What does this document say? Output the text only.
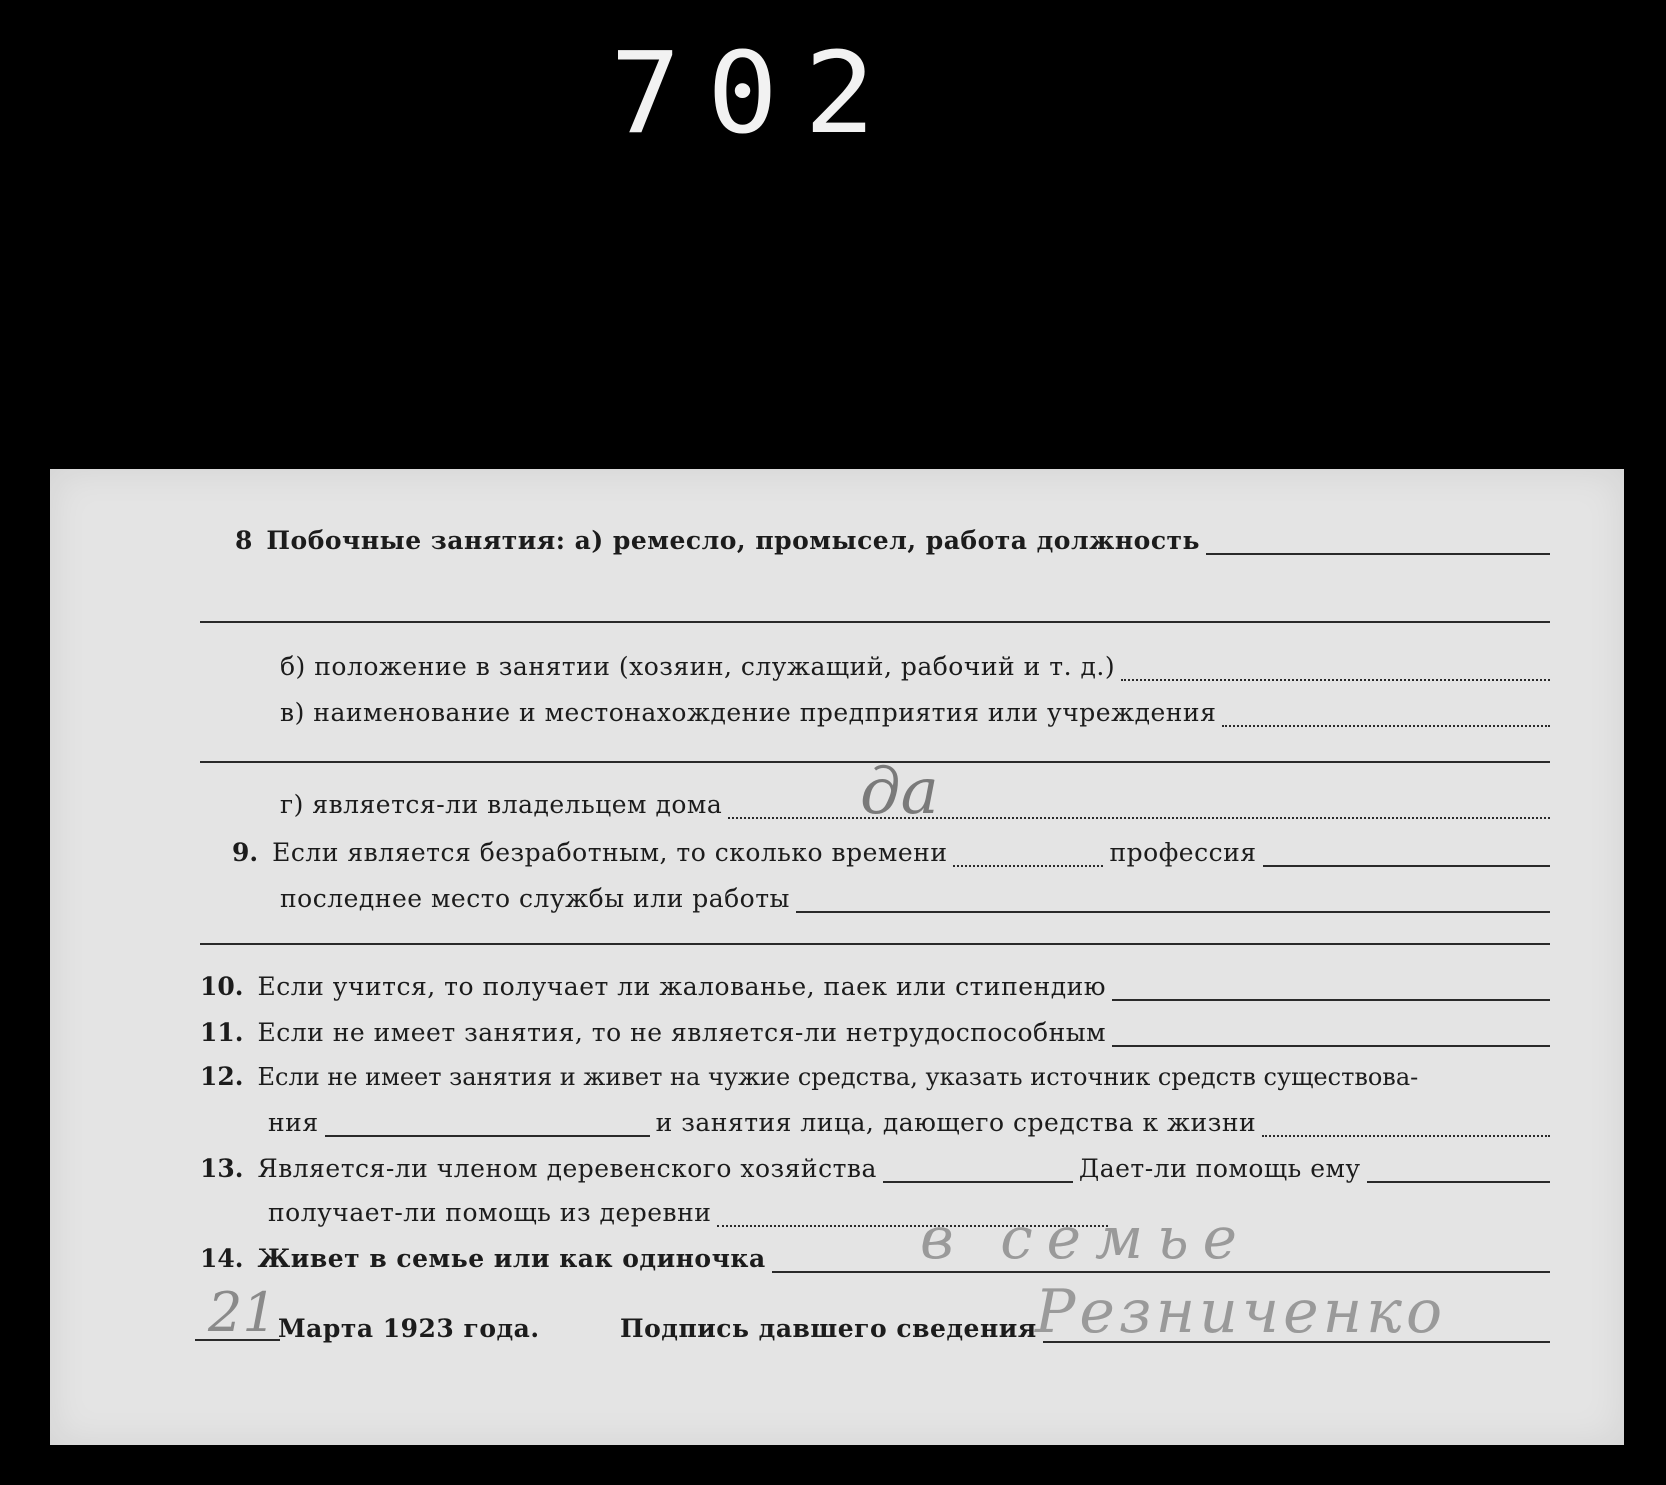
702
8 Побочные занятия: а) ремесло, промысел, работа должность
б) положение в занятии (хозяин, служащий, рабочий и т. д.)
в) наименование и местонахождение предприятия или учреждения
г) является-ли владельцем дома да
9. Если является безработным, то сколько времени	профессия
последнее место службы или работы
10. Если учится, то получает ли жалованье, паек или стипендию
11. Если не имеет занятия, то не является-ли нетрудоспособным
12. Если не имеет занятия и живет на чужие средства, указать источник средств существова-
ния	и занятия лица, дающего средства к жизни
13. Является-ли членом деревенского хозяйства	Дает-ли помощь ему
получает-ли помощь из деревни
14. Живет в семье или как одиночка	в семье
21 Марта 1923 года.	Подпись давшего сведения
Резниченко
